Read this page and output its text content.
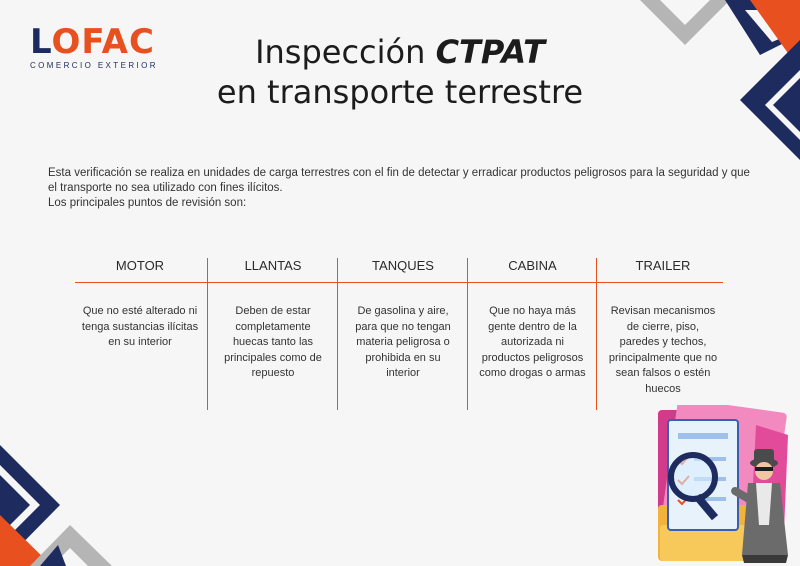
LOFAC
COMERCIO EXTERIOR	Inspección CTPAT
en transporte terrestre

Esta verificación se realiza en unidades de carga terrestres con el fin de detectar y erradicar productos peligrosos para la seguridad y que el transporte no sea utilizado con fines ilícitos.

Los principales puntos de revisión son:

MOTOR
Que no esté alterado ni tenga sustancias ilícitas en su interior
LLANTAS
Deben de estar completamente huecas tanto las principales como de repuesto
TANQUES
De gasolina y aire, para que no tengan materia peligrosa o prohibida en su interior
CABINA
Que no haya más gente dentro de la autorizada ni productos peligrosos como drogas o armas
TRAILER
Revisan mecanismos de cierre, piso, paredes y techos, principalmente que no sean falsos o estén huecos
